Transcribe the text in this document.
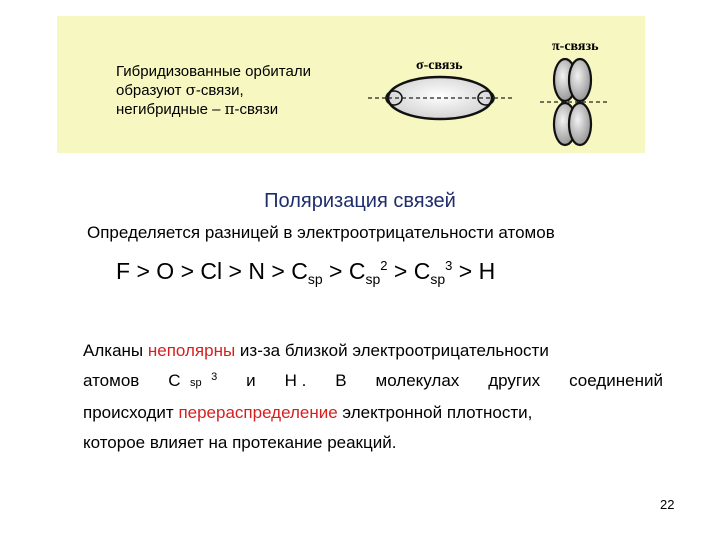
Гибридизованные орбитали
образуют σ-связи,
негибридные – π-связи
σ-связь
π-связь
Поляризация связей
Определяется разницей в электроотрицательности атомов
$F > O > Cl > N > C_{sp} > C_{sp}^2 > C_{sp}^3 > H$
Алканы неполярны из-за близкой электроотрицательности
атомов C sp $^3$ и H . В молекулах других соединений
происходит перераспределение электронной плотности,
которое влияет на протекание реакций.
22
